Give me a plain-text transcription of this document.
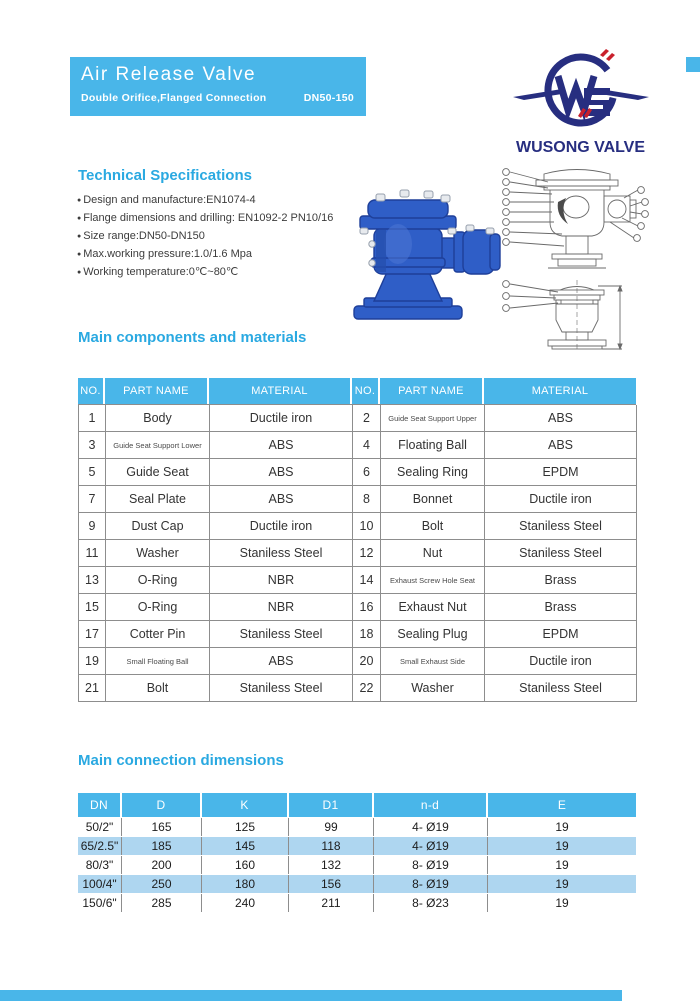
Air Release Valve
Double Orifice,Flanged Connection	DN50-150
WUSONG VALVE
Technical Specifications
● Design and manufacture:EN1074-4
● Flange dimensions and drilling: EN1092-2 PN10/16
● Size range:DN50-DN150
● Max.working pressure:1.0/1.6 Mpa
● Working temperature:0℃~80℃
Main components and materials
NO.	PART NAME	MATERIAL	NO.	PART NAME	MATERIAL
1	Body	Ductile iron	2	Guide Seat Support Upper	ABS
3	Guide Seat Support Lower	ABS	4	Floating Ball	ABS
5	Guide Seat	ABS	6	Sealing Ring	EPDM
7	Seal Plate	ABS	8	Bonnet	Ductile iron
9	Dust Cap	Ductile iron	10	Bolt	Staniless Steel
11	Washer	Staniless Steel	12	Nut	Staniless Steel
13	O-Ring	NBR	14	Exhaust Screw Hole Seat	Brass
15	O-Ring	NBR	16	Exhaust Nut	Brass
17	Cotter Pin	Staniless Steel	18	Sealing Plug	EPDM
19	Small Floating Ball	ABS	20	Small Exhaust Side	Ductile iron
21	Bolt	Staniless Steel	22	Washer	Staniless Steel
Main connection dimensions
DN	D	K	D1	n-d	E
50/2"	165	125	99	4- Ø19	19
65/2.5"	185	145	118	4- Ø19	19
80/3"	200	160	132	8- Ø19	19
100/4"	250	180	156	8- Ø19	19
150/6"	285	240	211	8- Ø23	19
